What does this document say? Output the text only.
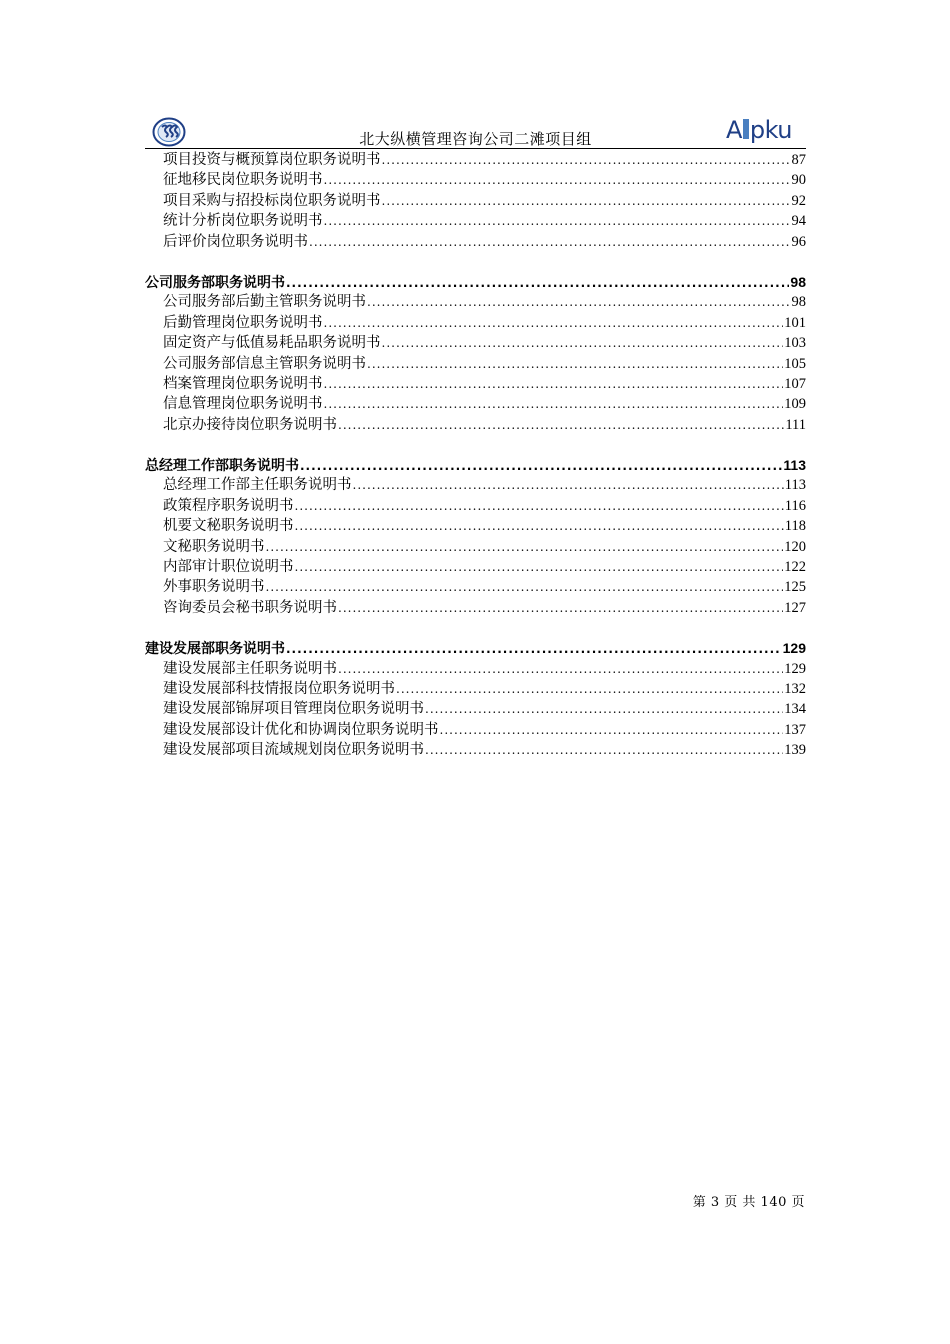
北大纵横管理咨询公司二滩项目组	A pku
项目投资与概预算岗位职务说明书 .....	87
征地移民岗位职务说明书 .....	90
项目采购与招投标岗位职务说明书 .....	92
统计分析岗位职务说明书 .....	94
后评价岗位职务说明书 .....	96
公司服务部职务说明书 .....	98
公司服务部后勤主管职务说明书 .....	98
后勤管理岗位职务说明书 .....	101
固定资产与低值易耗品职务说明书 .....	103
公司服务部信息主管职务说明书 .....	105
档案管理岗位职务说明书 .....	107
信息管理岗位职务说明书 .....	109
北京办接待岗位职务说明书 .....	111
总经理工作部职务说明书 .....	113
总经理工作部主任职务说明书 .....	113
政策程序职务说明书 .....	116
机要文秘职务说明书 .....	118
文秘职务说明书 .....	120
内部审计职位说明书 .....	122
外事职务说明书 .....	125
咨询委员会秘书职务说明书 .....	127
建设发展部职务说明书 .....	129
建设发展部主任职务说明书 .....	129
建设发展部科技情报岗位职务说明书 .....	132
建设发展部锦屏项目管理岗位职务说明书 .....	134
建设发展部设计优化和协调岗位职务说明书 .....	137
建设发展部项目流域规划岗位职务说明书 .....	139
第 3 页 共 140 页
